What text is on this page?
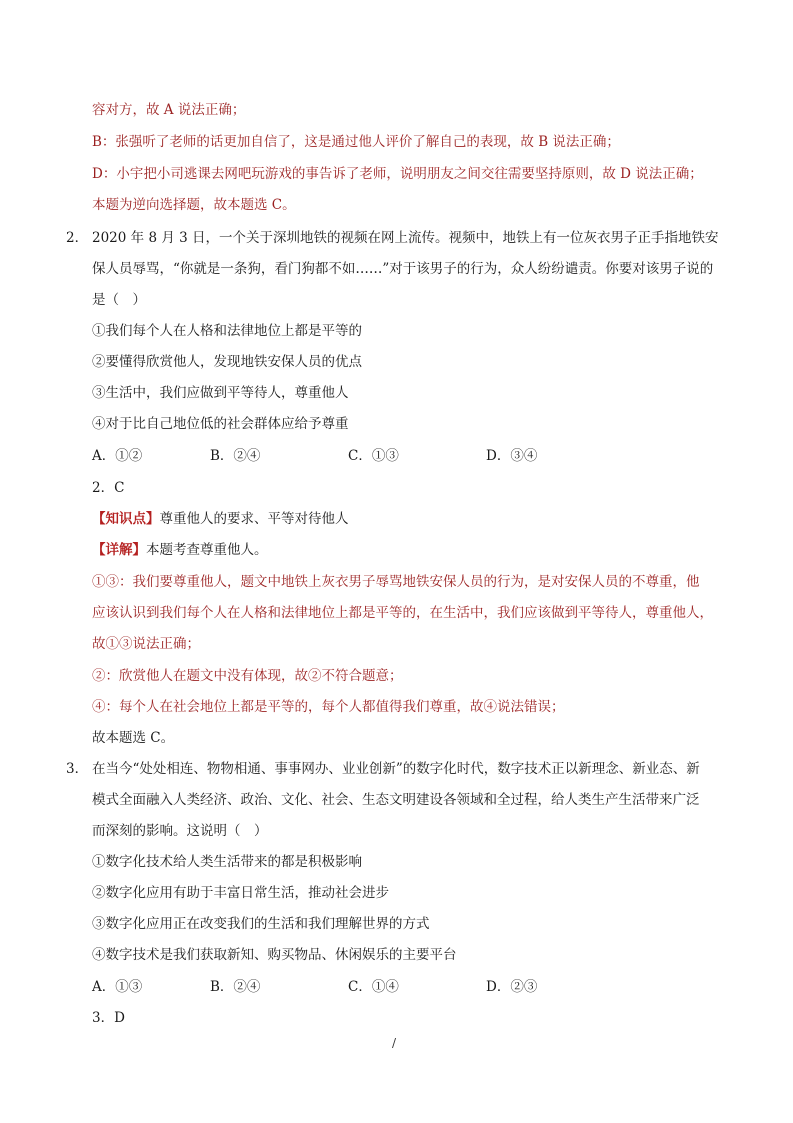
容对方，故 A 说法正确；
B：张强听了老师的话更加自信了，这是通过他人评价了解自己的表现，故 B 说法正确；
D：小宇把小司逃课去网吧玩游戏的事告诉了老师，说明朋友之间交往需要坚持原则，故 D 说法正确；
本题为逆向选择题，故本题选 C。
2． 2020 年 8 月 3 日，一个关于深圳地铁的视频在网上流传。视频中，地铁上有一位灰衣男子正手指地铁安
保人员辱骂，“你就是一条狗，看门狗都不如……”对于该男子的行为，众人纷纷谴责。你要对该男子说的
是（　）
①我们每个人在人格和法律地位上都是平等的
②要懂得欣赏他人，发现地铁安保人员的优点
③生活中，我们应做到平等待人，尊重他人
④对于比自己地位低的社会群体应给予尊重
A．①②	B．②④	C．①③	D．③④
2．C
【知识点】尊重他人的要求、平等对待他人
【详解】本题考查尊重他人。
①③：我们要尊重他人，题文中地铁上灰衣男子辱骂地铁安保人员的行为，是对安保人员的不尊重，他
应该认识到我们每个人在人格和法律地位上都是平等的，在生活中，我们应该做到平等待人，尊重他人，
故①③说法正确；
②：欣赏他人在题文中没有体现，故②不符合题意；
④：每个人在社会地位上都是平等的，每个人都值得我们尊重，故④说法错误；
故本题选 C。
3． 在当今“处处相连、物物相通、事事网办、业业创新”的数字化时代，数字技术正以新理念、新业态、新
模式全面融入人类经济、政治、文化、社会、生态文明建设各领域和全过程，给人类生产生活带来广泛
而深刻的影响。这说明（　）
①数字化技术给人类生活带来的都是积极影响
②数字化应用有助于丰富日常生活，推动社会进步
③数字化应用正在改变我们的生活和我们理解世界的方式
④数字技术是我们获取新知、购买物品、休闲娱乐的主要平台
A．①③	B．②④	C．①④	D．②③
3．D
/
